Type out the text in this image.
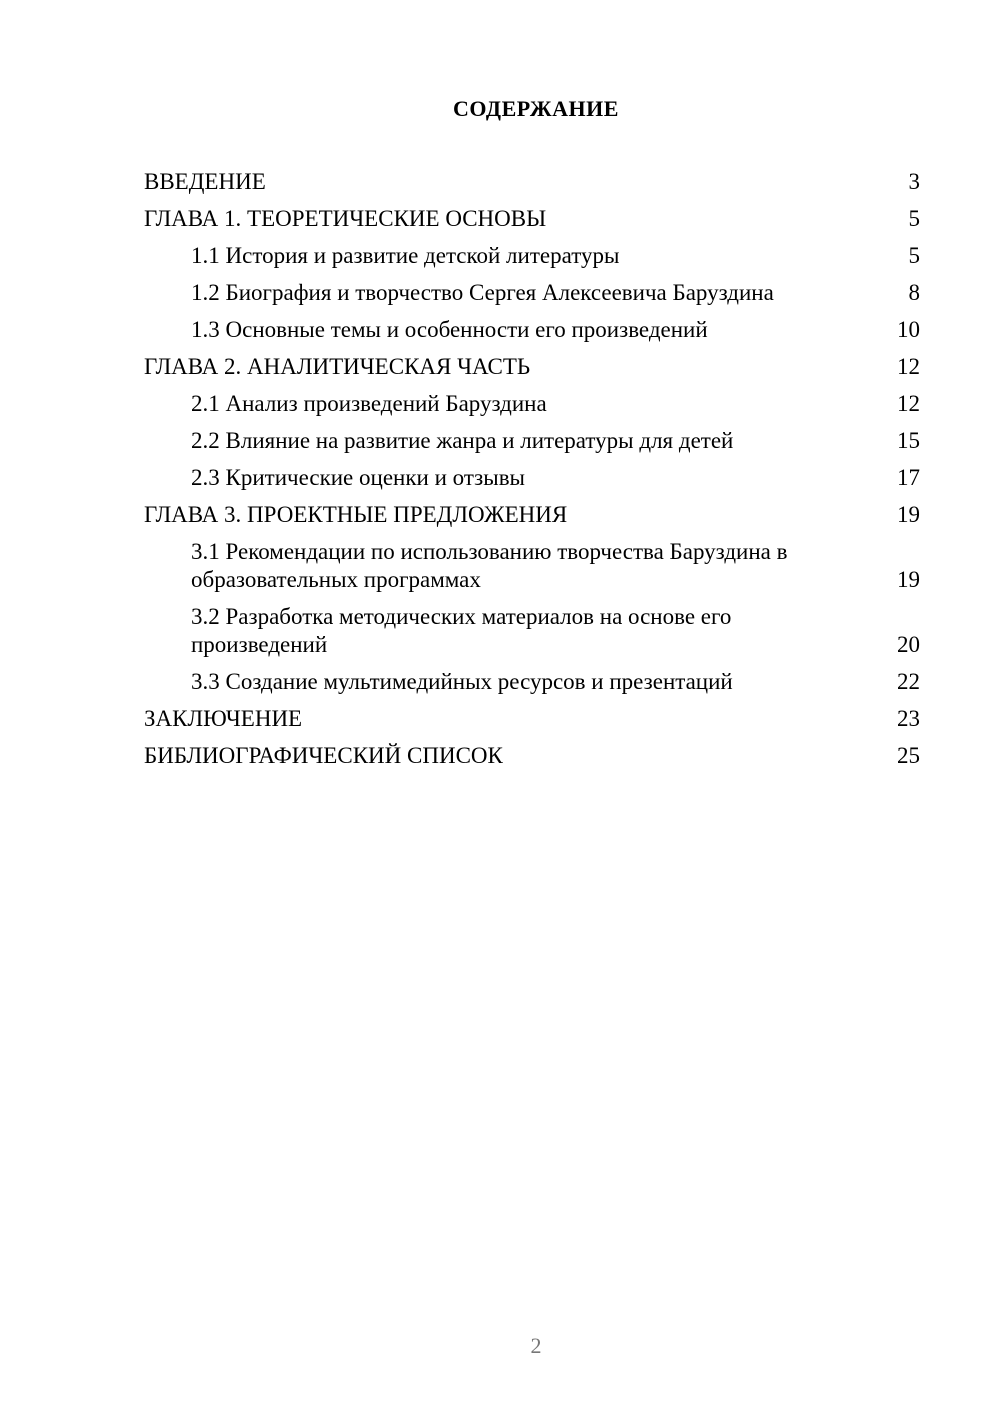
СОДЕРЖАНИЕ
ВВЕДЕНИЕ	3
ГЛАВА 1. ТЕОРЕТИЧЕСКИЕ ОСНОВЫ	5
1.1 История и развитие детской литературы	5
1.2 Биография и творчество Сергея Алексеевича Баруздина	8
1.3 Основные темы и особенности его произведений	10
ГЛАВА 2. АНАЛИТИЧЕСКАЯ ЧАСТЬ	12
2.1 Анализ произведений Баруздина	12
2.2 Влияние на развитие жанра и литературы для детей	15
2.3 Критические оценки и отзывы	17
ГЛАВА 3. ПРОЕКТНЫЕ ПРЕДЛОЖЕНИЯ	19
3.1 Рекомендации по использованию творчества Баруздина в образовательных программах	19
3.2 Разработка методических материалов на основе его произведений	20
3.3 Создание мультимедийных ресурсов и презентаций	22
ЗАКЛЮЧЕНИЕ	23
БИБЛИОГРАФИЧЕСКИЙ СПИСОК	25
2
